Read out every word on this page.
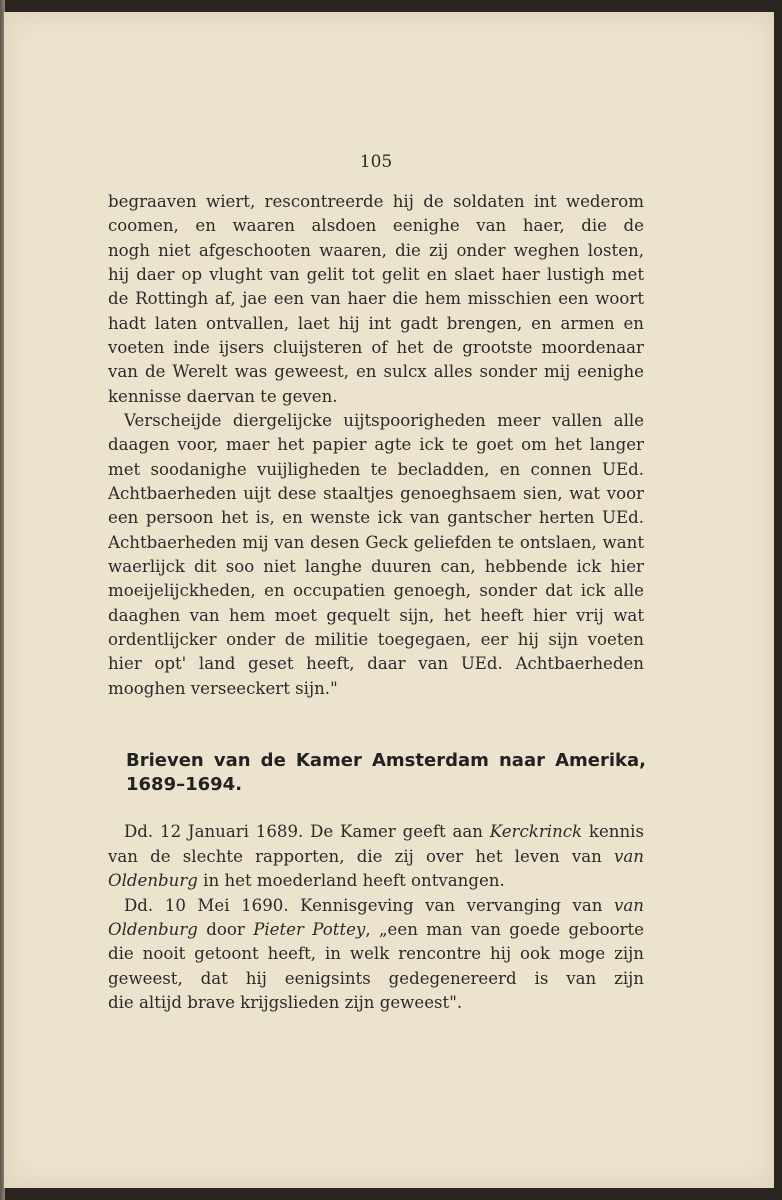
105

begraaven wiert, rescontreerde hij de soldaten int wederom

coomen, en waaren alsdoen eenighe van haer, die de

nogh niet afgeschooten waaren, die zij onder weghen losten,

hij daer op vlught van gelit tot gelit en slaet haer lustigh met

de Rottingh af, jae een van haer die hem misschien een woort

hadt laten ontvallen, laet hij int gadt brengen, en armen en

voeten inde ijsers cluijsteren of het de grootste moordenaar

van de Werelt was geweest, en sulcx alles sonder mij eenighe

kennisse daervan te geven.

Verscheijde diergelijcke uijtspoorigheden meer vallen alle

daagen voor, maer het papier agte ick te goet om het langer

met soodanighe vuijligheden te becladden, en connen UEd.

Achtbaerheden uijt dese staaltjes genoeghsaem sien, wat voor

een persoon het is, en wenste ick van gantscher herten UEd.

Achtbaerheden mij van desen Geck geliefden te ontslaen, want

waerlijck dit soo niet langhe duuren can, hebbende ick hier

moeijelijckheden, en occupatien genoegh, sonder dat ick alle

daaghen van hem moet gequelt sijn, het heeft hier vrij wat

ordentlijcker onder de militie toegegaen, eer hij sijn voeten

hier opt' land geset heeft, daar van UEd. Achtbaerheden

mooghen verseeckert sijn."

Brieven van de Kamer Amsterdam naar Amerika,

1689–1694.

Dd. 12 Januari 1689. De Kamer geeft aan Kerckrinck kennis

van de slechte rapporten, die zij over het leven van van

Oldenburg in het moederland heeft ontvangen.

Dd. 10 Mei 1690. Kennisgeving van vervanging van van

Oldenburg door Pieter Pottey, „een man van goede geboorte

die nooit getoont heeft, in welk rencontre hij ook moge zijn

geweest, dat hij eenigsints gedegenereerd is van zijn

die altijd brave krijgslieden zijn geweest".
